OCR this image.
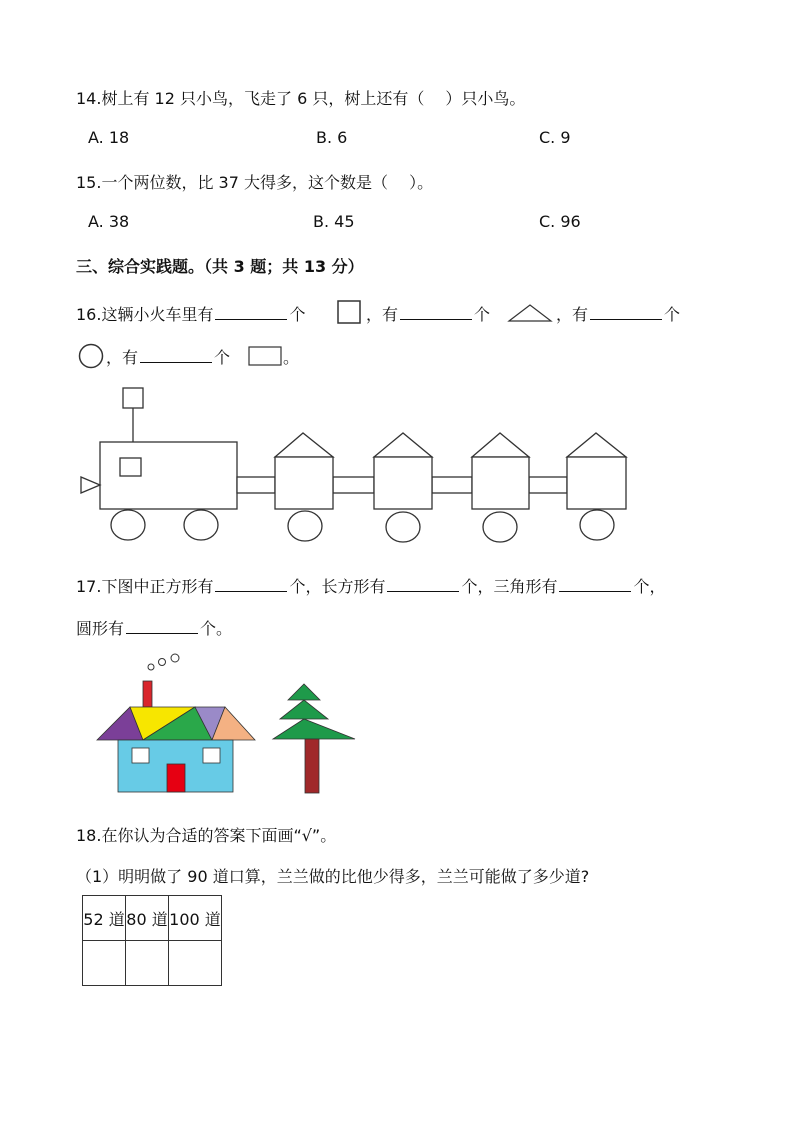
14.树上有 12 只小鸟，飞走了 6 只，树上还有（　 ）只小鸟。
A. 18	B. 6	C. 9
15.一个两位数，比 37 大得多，这个数是（　 ）。
A. 38	B. 45	C. 96
三、综合实践题。（共 3 题；共 13 分）
16.这辆小火车里有	个	，有	个	，有	个
，有	个	。
17.下图中正方形有	个，长方形有	个，三角形有	个，
圆形有	个。
18.在你认为合适的答案下面画“√”。
（1）明明做了 90 道口算，兰兰做的比他少得多，兰兰可能做了多少道?
52 道	80 道	100 道
